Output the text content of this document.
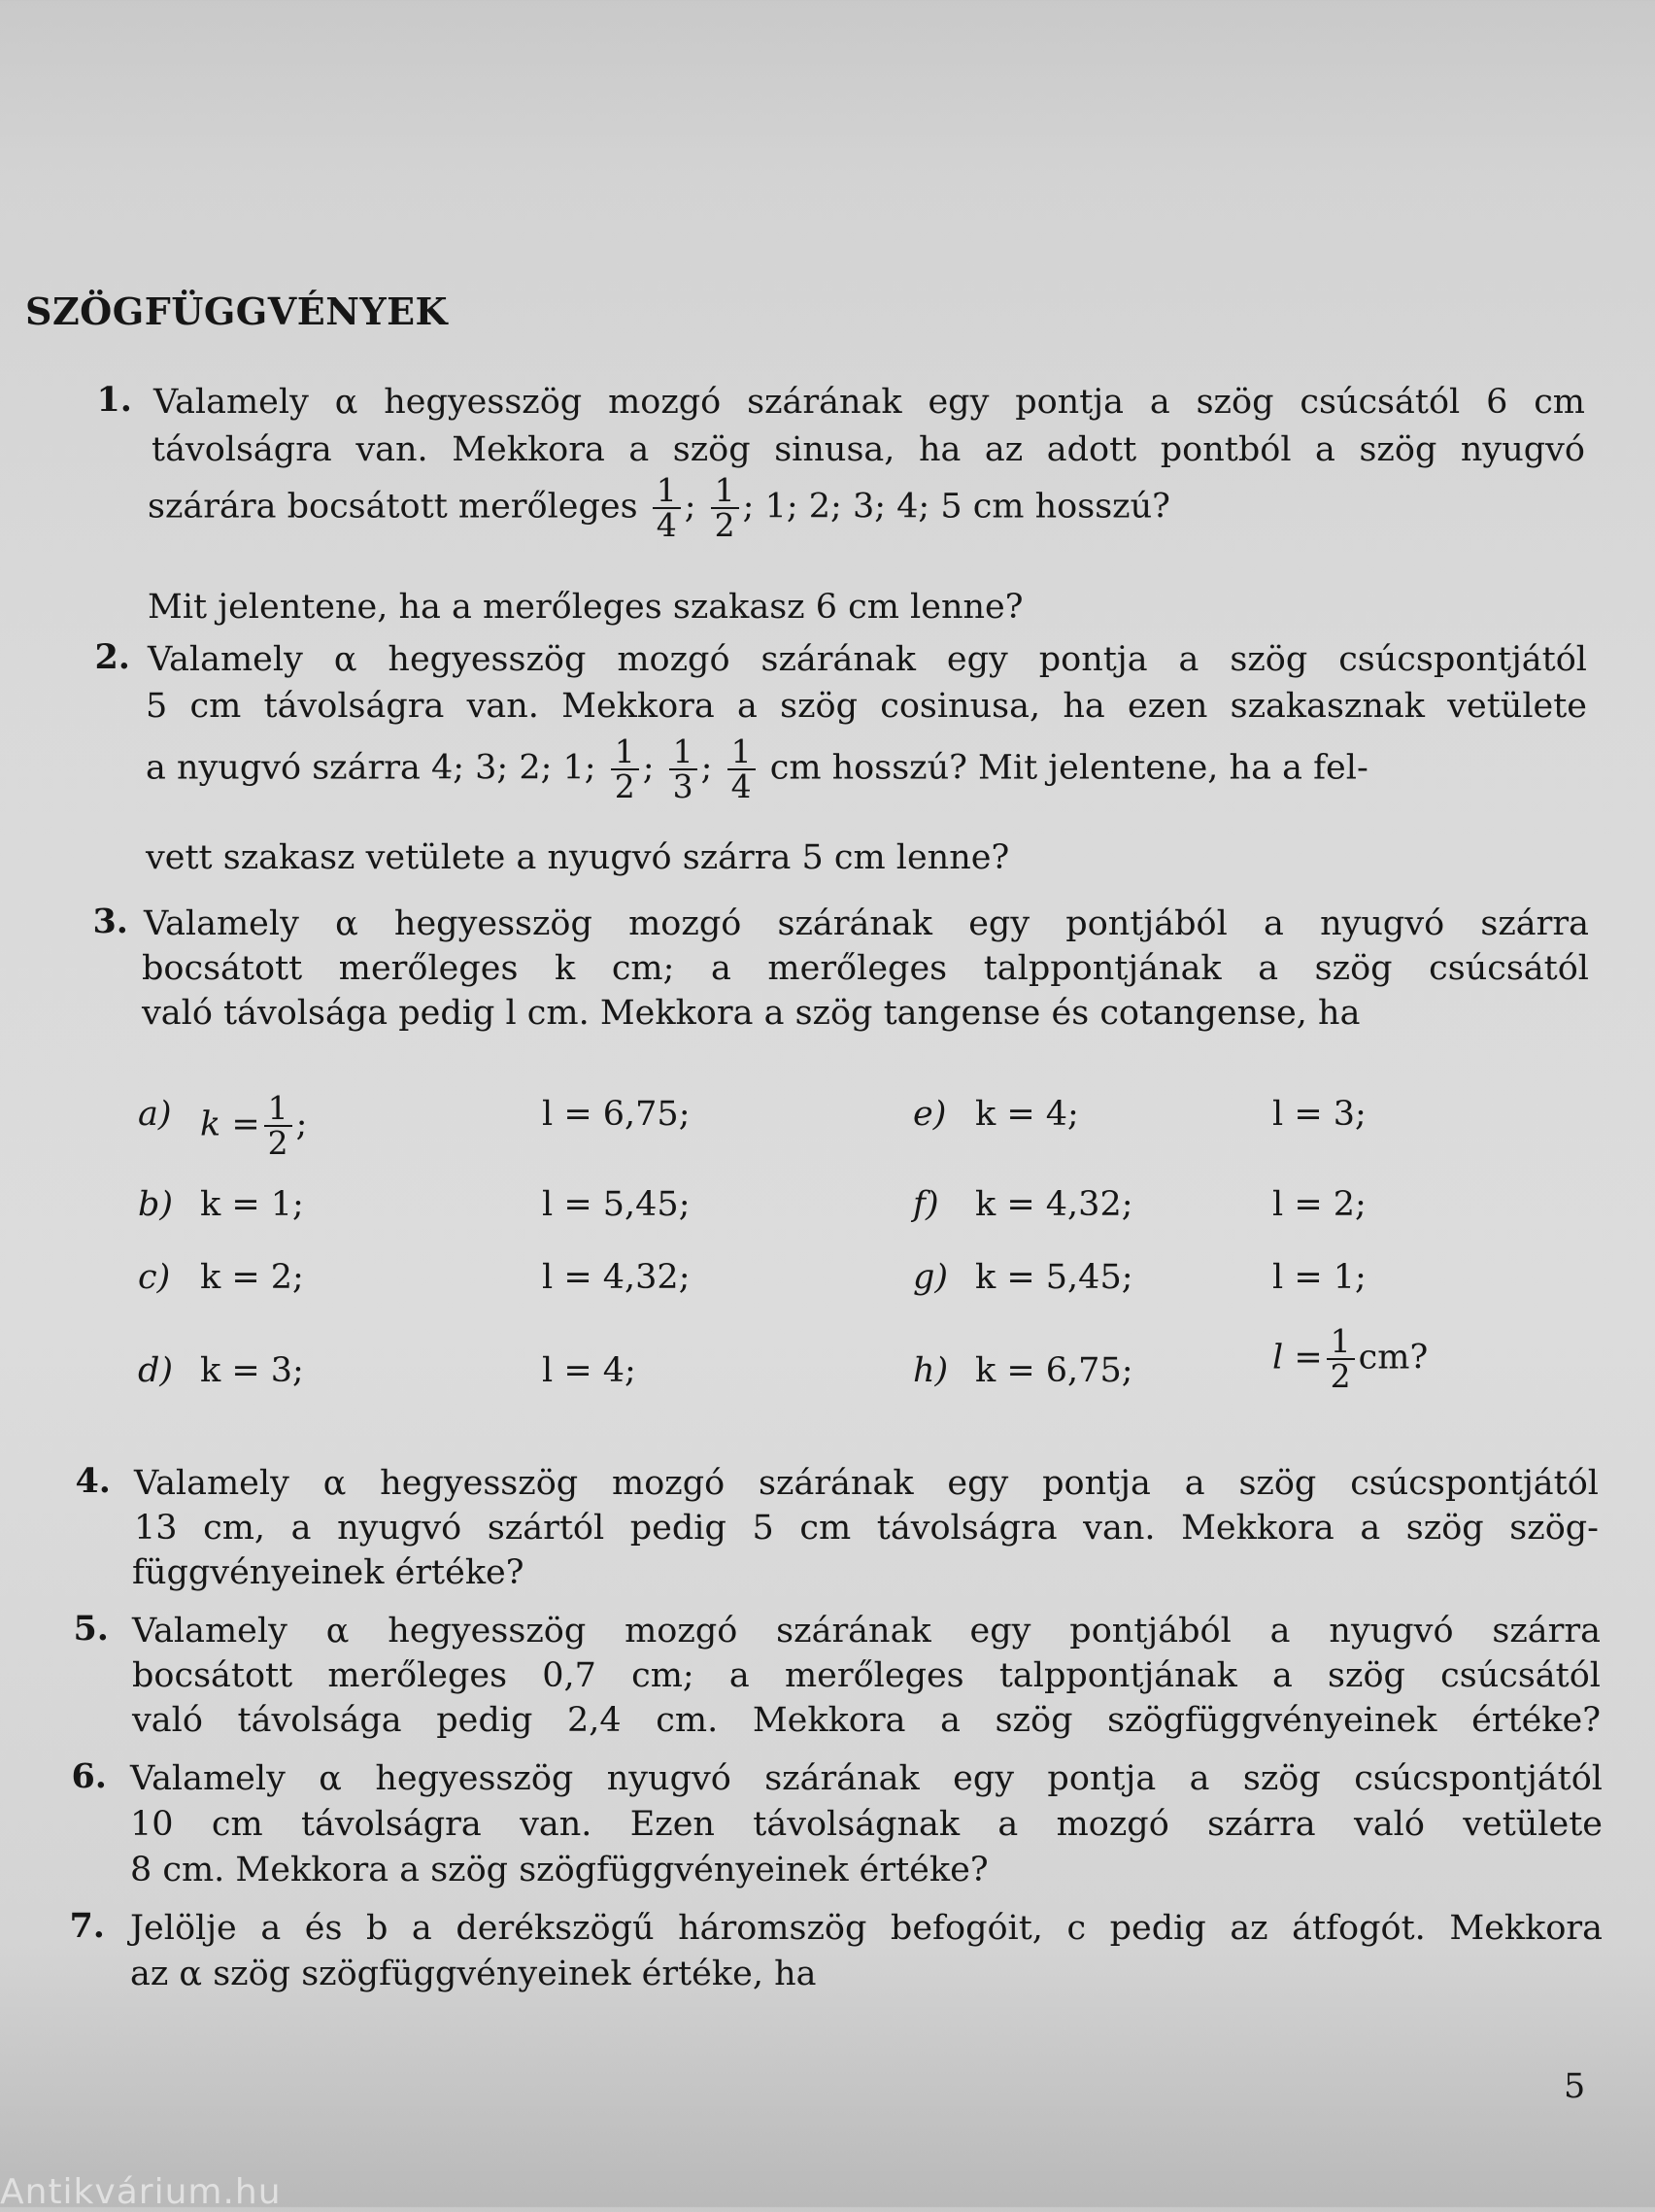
SZÖGFÜGGVÉNYEK
1. Valamely α hegyesszög mozgó szárának egy pontja a szög csúcsától 6 cm
távolságra van. Mekkora a szög sinusa, ha az adott pontból a szög nyugvó
szárára bocsátott merőleges $\frac{1}{4}$ ; $\frac{1}{2}$ ; 1; 2; 3; 4; 5 cm hosszú?
Mit jelentene, ha a merőleges szakasz 6 cm lenne?
2. Valamely α hegyesszög mozgó szárának egy pontja a szög csúcspontjától
5 cm távolságra van. Mekkora a szög cosinusa, ha ezen szakasznak vetülete
a nyugvó szárra 4; 3; 2; 1; $\frac{1}{2}$ ; $\frac{1}{3}$ ; $\frac{1}{4}$ cm hosszú? Mit jelentene, ha a fel-
vett szakasz vetülete a nyugvó szárra 5 cm lenne?
3. Valamely α hegyesszög mozgó szárának egy pontjából a nyugvó szárra
bocsátott merőleges k cm; a merőleges talppontjának a szög csúcsától
való távolsága pedig l cm. Mekkora a szög tangense és cotangense, ha
a) $k = \frac{1}{2}$ ;	l = 6,75;
b) k = 1;	l = 5,45;
c) k = 2;	l = 4,32;
d) k = 3;	l = 4;
e) k = 4;	l = 3;
f) k = 4,32;	l = 2;
g) k = 5,45;	l = 1;
h) k = 6,75;	$l = \frac{1}{2}$ cm?
4. Valamely α hegyesszög mozgó szárának egy pontja a szög csúcspontjától
13 cm, a nyugvó szártól pedig 5 cm távolságra van. Mekkora a szög szög-
függvényeinek értéke?
5. Valamely α hegyesszög mozgó szárának egy pontjából a nyugvó szárra
bocsátott merőleges 0,7 cm; a merőleges talppontjának a szög csúcsától
való távolsága pedig 2,4 cm. Mekkora a szög szögfüggvényeinek értéke?
6. Valamely α hegyesszög nyugvó szárának egy pontja a szög csúcspontjától
10 cm távolságra van. Ezen távolságnak a mozgó szárra való vetülete
8 cm. Mekkora a szög szögfüggvényeinek értéke?
7. Jelölje a és b a derékszögű háromszög befogóit, c pedig az átfogót. Mekkora
az α szög szögfüggvényeinek értéke, ha
5
Antikvárium.hu
